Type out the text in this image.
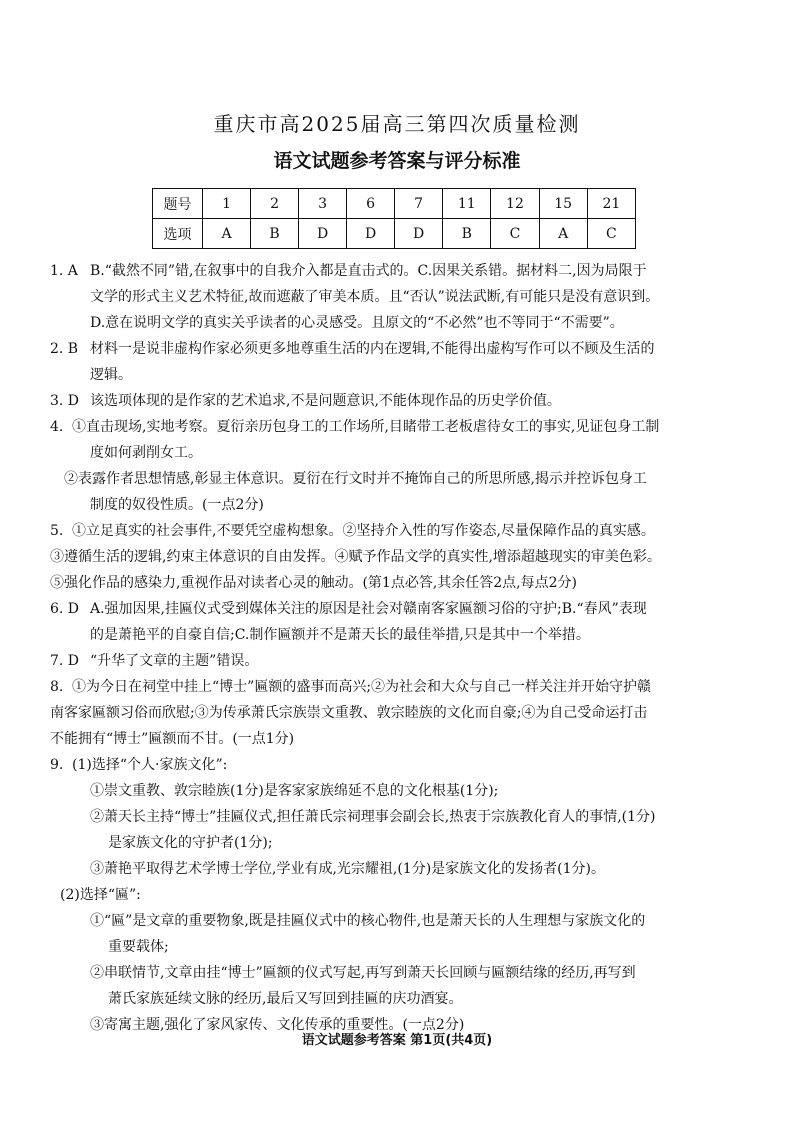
重庆市高2025届高三第四次质量检测
语文试题参考答案与评分标准
题号	1	2	3	6	7	11	12	15	21
选项	A	B	D	D	D	B	C	A	C
1. A B.“截然不同”错,在叙事中的自我介入都是直击式的。C.因果关系错。据材料二,因为局限于
文学的形式主义艺术特征,故而遮蔽了审美本质。且“否认”说法武断,有可能只是没有意识到。
D.意在说明文学的真实关乎读者的心灵感受。且原文的“不必然”也不等同于“不需要”。
2. B 材料一是说非虚构作家必须更多地尊重生活的内在逻辑,不能得出虚构写作可以不顾及生活的
逻辑。
3. D 该选项体现的是作家的艺术追求,不是问题意识,不能体现作品的历史学价值。
4. ①直击现场,实地考察。夏衍亲历包身工的工作场所,目睹带工老板虐待女工的事实,见证包身工制
度如何剥削女工。
②表露作者思想情感,彰显主体意识。夏衍在行文时并不掩饰自己的所思所感,揭示并控诉包身工
制度的奴役性质。(一点2分)
5. ①立足真实的社会事件,不要凭空虚构想象。②坚持介入性的写作姿态,尽量保障作品的真实感。
③遵循生活的逻辑,约束主体意识的自由发挥。④赋予作品文学的真实性,增添超越现实的审美色彩。
⑤强化作品的感染力,重视作品对读者心灵的触动。(第1点必答,其余任答2点,每点2分)
6. D A.强加因果,挂匾仪式受到媒体关注的原因是社会对赣南客家匾额习俗的守护;B.“春风”表现
的是萧艳平的自豪自信;C.制作匾额并不是萧天长的最佳举措,只是其中一个举措。
7. D “升华了文章的主题”错误。
8. ①为今日在祠堂中挂上“博士”匾额的盛事而高兴;②为社会和大众与自己一样关注并开始守护赣
南客家匾额习俗而欣慰;③为传承萧氏宗族崇文重教、敦宗睦族的文化而自豪;④为自己受命运打击
不能拥有“博士”匾额而不甘。(一点1分)
9. (1)选择“个人·家族文化”:
①崇文重教、敦宗睦族(1分)是客家家族绵延不息的文化根基(1分);
②萧天长主持“博士”挂匾仪式,担任萧氏宗祠理事会副会长,热衷于宗族教化育人的事情,(1分)
是家族文化的守护者(1分);
③萧艳平取得艺术学博士学位,学业有成,光宗耀祖,(1分)是家族文化的发扬者(1分)。
(2)选择“匾”:
①“匾”是文章的重要物象,既是挂匾仪式中的核心物件,也是萧天长的人生理想与家族文化的
重要载体;
②串联情节,文章由挂“博士”匾额的仪式写起,再写到萧天长回顾与匾额结缘的经历,再写到
萧氏家族延续文脉的经历,最后又写回到挂匾的庆功酒宴。
③寄寓主题,强化了家风家传、文化传承的重要性。(一点2分)
语文试题参考答案 第1页(共4页)
